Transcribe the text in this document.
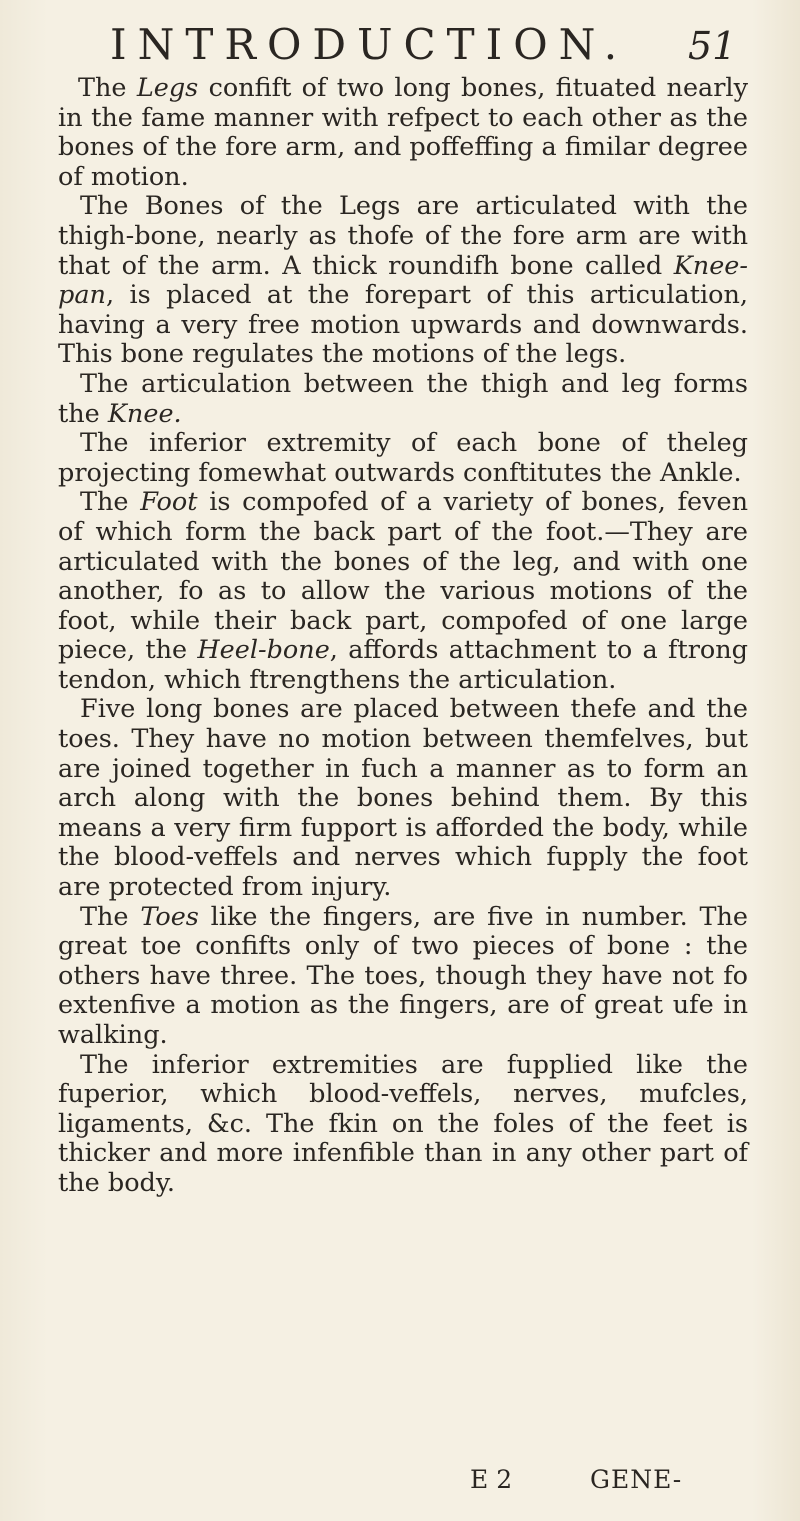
INTRODUCTION. 51

The Legs confift of two long bones, fituated nearly in the fame manner with refpect to each other as the bones of the fore arm, and poffeffing a fimilar degree of motion.

The Bones of the Legs are articulated with the thigh-bone, nearly as thofe of the fore arm are with that of the arm. A thick roundifh bone called Knee-pan, is placed at the forepart of this articulation, having a very free motion upwards and downwards. This bone regulates the motions of the legs.

The articulation between the thigh and leg forms the Knee.

The inferior extremity of each bone of theleg projecting fomewhat outwards conftitutes the Ankle.

The Foot is compofed of a variety of bones, feven of which form the back part of the foot.—They are articulated with the bones of the leg, and with one another, fo as to allow the various motions of the foot, while their back part, compofed of one large piece, the Heel-bone, affords attachment to a ftrong tendon, which ftrengthens the articulation.

Five long bones are placed between thefe and the toes. They have no motion between themfelves, but are joined together in fuch a manner as to form an arch along with the bones behind them. By this means a very firm fupport is afforded the body, while the blood-veffels and nerves which fupply the foot are protected from injury.

The Toes like the fingers, are five in number. The great toe confifts only of two pieces of bone : the others have three. The toes, though they have not fo extenfive a motion as the fingers, are of great ufe in walking.

The inferior extremities are fupplied like the fuperior, which blood-veffels, nerves, mufcles, ligaments, &c. The fkin on the foles of the feet is thicker and more infenfible than in any other part of the body.

E 2	GENE-
